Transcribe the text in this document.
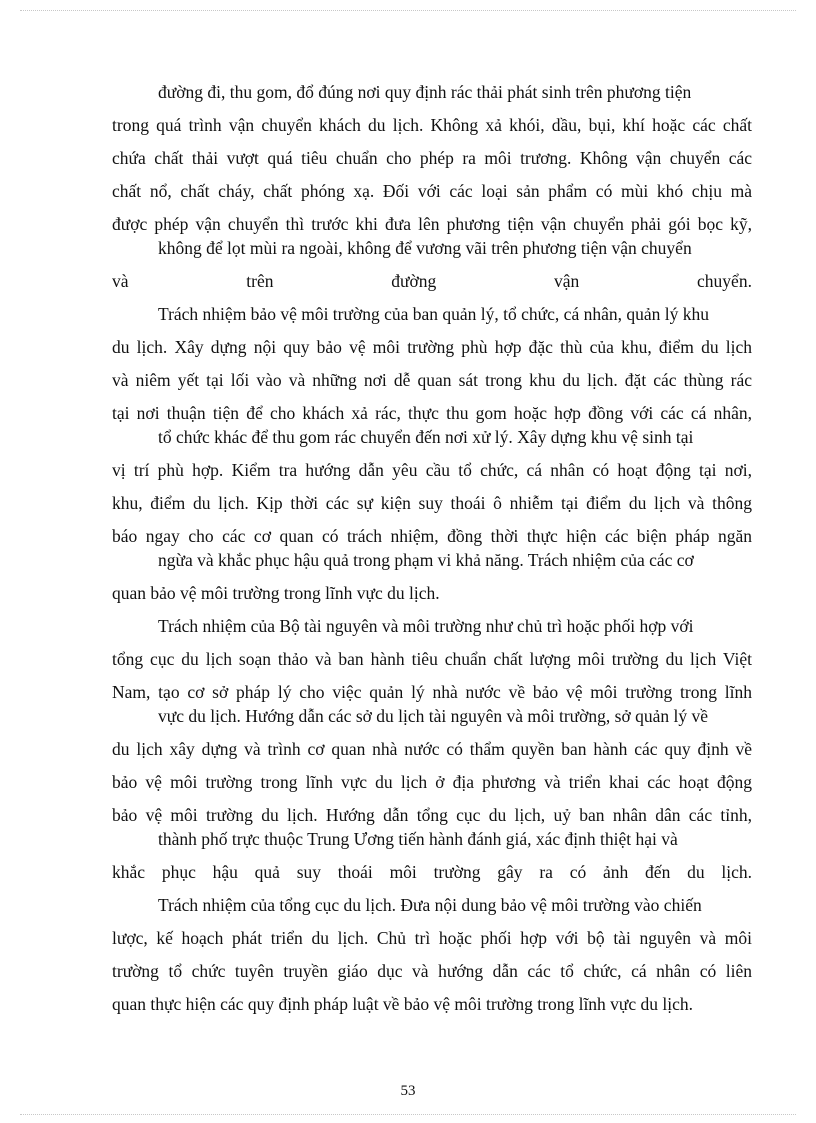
đường đi, thu gom, đổ đúng nơi quy định rác thải phát sinh trên phương tiện
trong quá trình vận chuyển khách du lịch. Không xả khói, dầu, bụi, khí hoặc các chất
chứa chất thải vượt quá tiêu chuẩn cho phép ra môi trương. Không vận chuyển các
chất nổ, chất cháy, chất phóng xạ. Đối với các loại sản phẩm có mùi khó chịu mà
được phép vận chuyển thì trước khi đưa lên phương tiện vận chuyển phải gói bọc kỹ,
không để lọt mùi ra ngoài, không để vương vãi trên phương tiện vận chuyển
và	trên	đường	vận	chuyển.
Trách nhiệm bảo vệ môi trường của ban quản lý, tổ chức, cá nhân, quản lý khu
du lịch. Xây dựng nội quy bảo vệ môi trường phù hợp đặc thù của khu, điểm du lịch
và niêm yết tại lối vào và những nơi dễ quan sát trong khu du lịch. đặt các thùng rác
tại nơi thuận tiện để cho khách xả rác, thực thu gom hoặc hợp đồng với các cá nhân,
tổ chức khác để thu gom rác chuyển đến nơi xử lý. Xây dựng khu vệ sinh tại
vị trí phù hợp. Kiểm tra hướng dẫn yêu cầu tổ chức, cá nhân có hoạt động tại nơi,
khu, điểm du lịch. Kịp thời các sự kiện suy thoái ô nhiễm tại điểm du lịch và thông
báo ngay cho các cơ quan có trách nhiệm, đồng thời thực hiện các biện pháp ngăn
ngừa và khắc phục hậu quả trong phạm vi khả năng. Trách nhiệm của các cơ
quan bảo vệ môi trường trong lĩnh vực du lịch.
Trách nhiệm của Bộ tài nguyên và môi trường như chủ trì hoặc phối hợp với
tổng cục du lịch soạn thảo và ban hành tiêu chuẩn chất lượng môi trường du lịch Việt
Nam, tạo cơ sở pháp lý cho việc quản lý nhà nước về bảo vệ môi trường trong lĩnh
vực du lịch. Hướng dẫn các sở du lịch tài nguyên và môi trường, sở quản lý về
du lịch xây dựng và trình cơ quan nhà nước có thẩm quyền ban hành các quy định về
bảo vệ môi trường trong lĩnh vực du lịch ở địa phương và triển khai các hoạt động
bảo vệ môi trường du lịch. Hướng dẫn tổng cục du lịch, uỷ ban nhân dân các tỉnh,
thành phố trực thuộc Trung Ương tiến hành đánh giá, xác định thiệt hại và
khắc phục hậu quả suy thoái môi trường gây ra có ảnh đến du lịch.
Trách nhiệm của tổng cục du lịch. Đưa nội dung bảo vệ môi trường vào chiến
lược, kế hoạch phát triển du lịch. Chủ trì hoặc phối hợp với bộ tài nguyên và môi
trường tổ chức tuyên truyền giáo dục và hướng dẫn các tổ chức, cá nhân có liên
quan thực hiện các quy định pháp luật về bảo vệ môi trường trong lĩnh vực du lịch.
53
